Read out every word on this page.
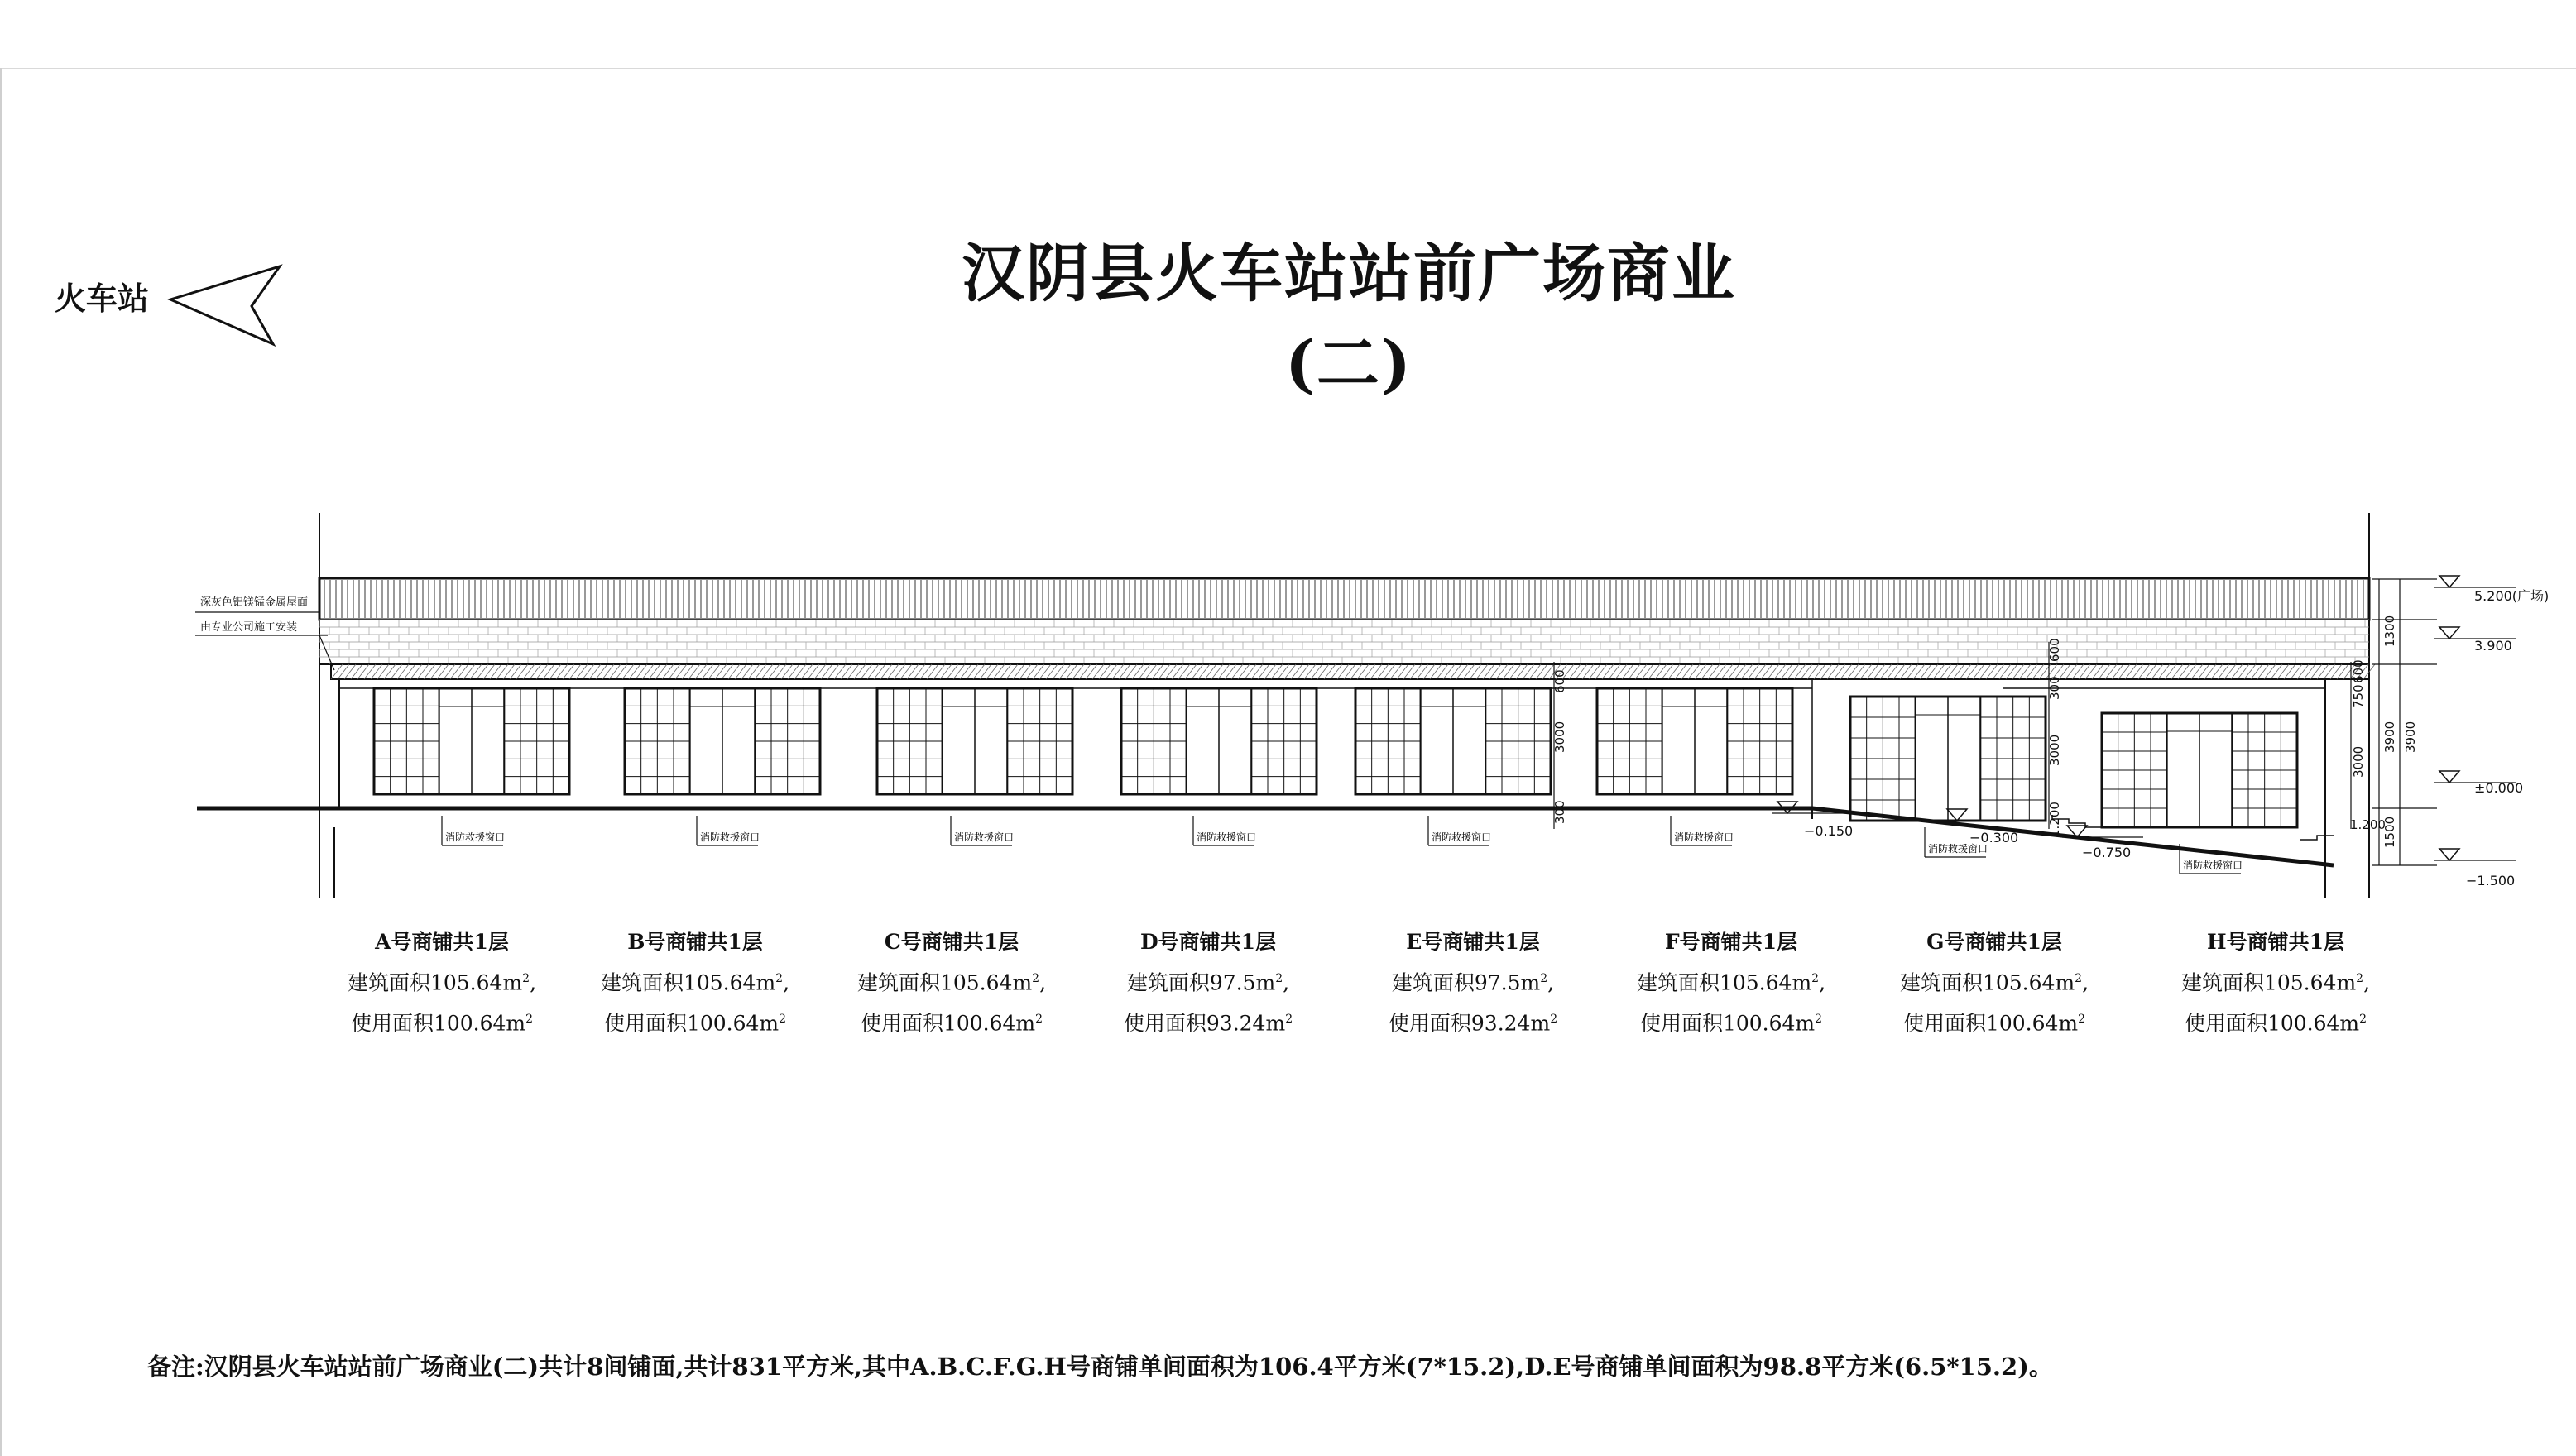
汉阴县火车站站前广场商业(二)
火车站
消防救援窗口	消防救援窗口	消防救援窗口	消防救援窗口	消防救援窗口	消防救援窗口
消防救援窗口
消防救援窗口
深灰色铝镁锰金属屋面
由专业公司施工安装
600
3000
300
600
300
3000
1.200
750
600
3000
1.200
1300
3900 3900
1500
5.200(广场)
3.900
±0.000
−0.150	−0.300
−0.750
−1.500
A号商铺共1层
建筑面积$105.64m^2$,
使用面积$100.64m^2$
B号商铺共1层
建筑面积$105.64m^2$,
使用面积$100.64m^2$
C号商铺共1层
建筑面积$105.64m^2$,
使用面积$100.64m^2$
D号商铺共1层
建筑面积$97.5m^2$,
使用面积$93.24m^2$
E号商铺共1层
建筑面积$97.5m^2$,
使用面积$93.24m^2$
F号商铺共1层
建筑面积$105.64m^2$,
使用面积$100.64m^2$
G号商铺共1层
建筑面积$105.64m^2$,
使用面积$100.64m^2$
H号商铺共1层
建筑面积$105.64m^2$,
使用面积$100.64m^2$
备注:汉阴县火车站站前广场商业(二)共计8间铺面,共计831平方米,其中A.B.C.F.G.H号商铺单间面积为106.4平方米(7*15.2),D.E号商铺单间面积为98.8平方米(6.5*15.2)。
